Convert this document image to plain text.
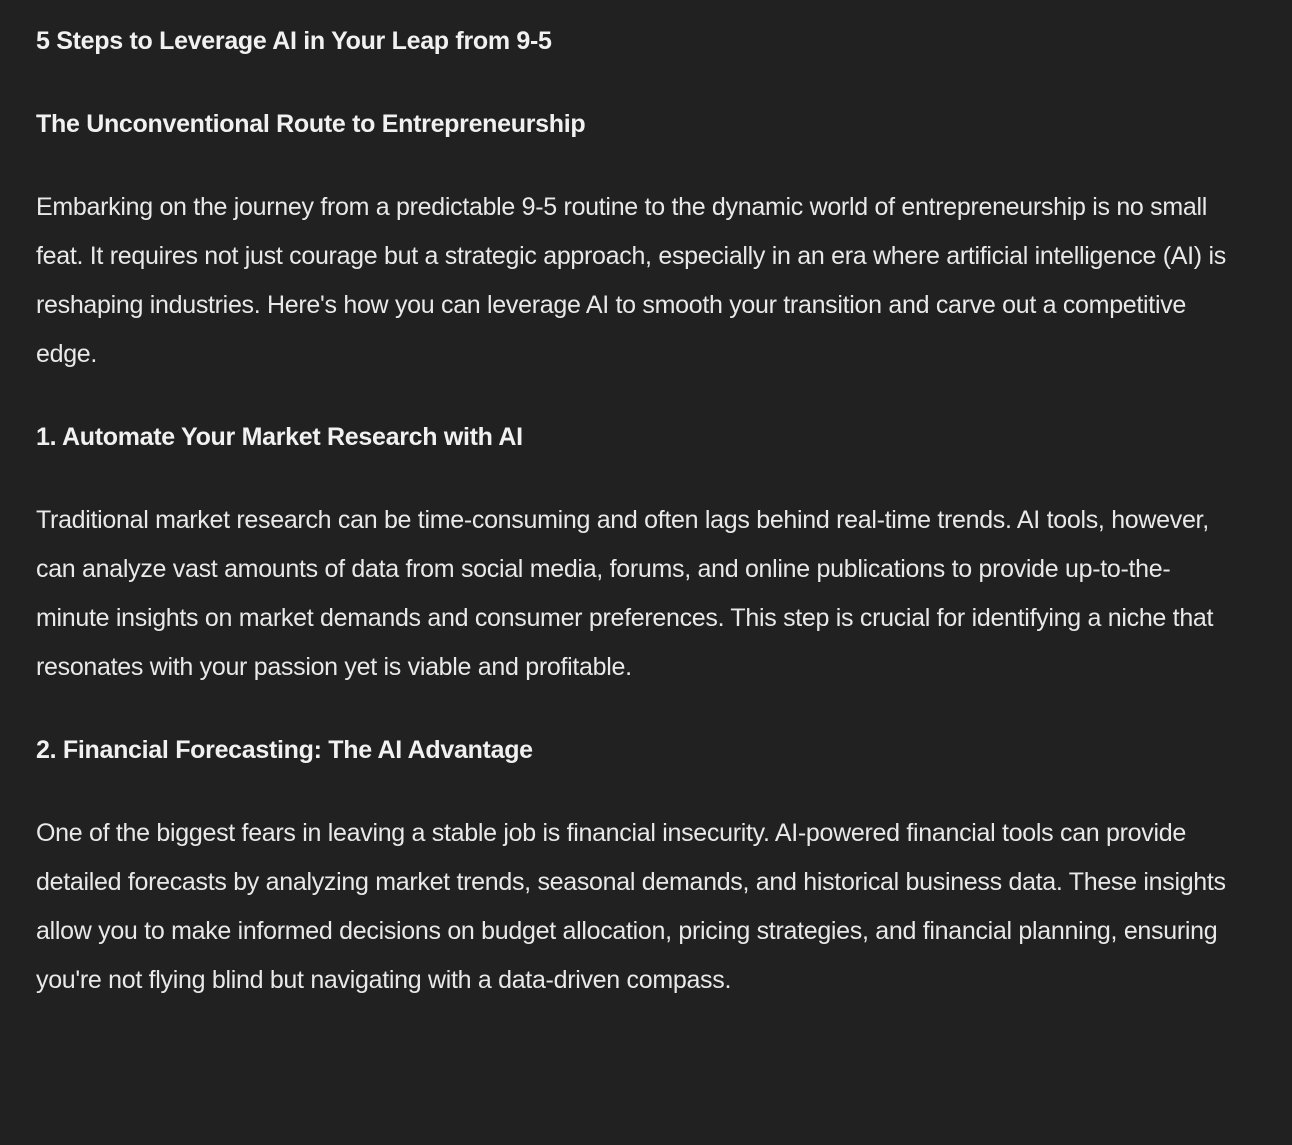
5 Steps to Leverage AI in Your Leap from 9-5
The Unconventional Route to Entrepreneurship
Embarking on the journey from a predictable 9-5 routine to the dynamic world of entrepreneurship is no small feat. It requires not just courage but a strategic approach, especially in an era where artificial intelligence (AI) is reshaping industries. Here's how you can leverage AI to smooth your transition and carve out a competitive edge.
1. Automate Your Market Research with AI
Traditional market research can be time-consuming and often lags behind real-time trends. AI tools, however, can analyze vast amounts of data from social media, forums, and online publications to provide up-to-the-minute insights on market demands and consumer preferences. This step is crucial for identifying a niche that resonates with your passion yet is viable and profitable.
2. Financial Forecasting: The AI Advantage
One of the biggest fears in leaving a stable job is financial insecurity. AI-powered financial tools can provide detailed forecasts by analyzing market trends, seasonal demands, and historical business data. These insights allow you to make informed decisions on budget allocation, pricing strategies, and financial planning, ensuring you're not flying blind but navigating with a data-driven compass.
